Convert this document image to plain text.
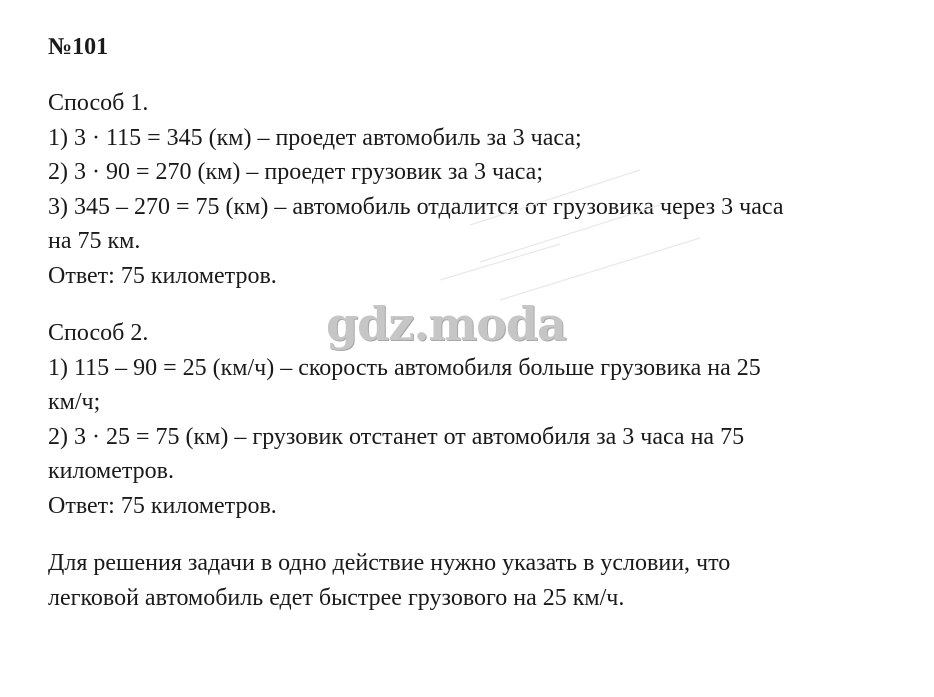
№101

Способ 1.

1) 3 · 115 = 345 (км) – проедет автомобиль за 3 часа;

2) 3 · 90 = 270 (км) – проедет грузовик за 3 часа;

3) 345 – 270 = 75 (км) – автомобиль отдалится от грузовика через 3 часа

на 75 км.

Ответ: 75 километров.

Способ 2.

1) 115 – 90 = 25 (км/ч) – скорость автомобиля больше грузовика на 25

км/ч;

2) 3 · 25 = 75 (км) – грузовик отстанет от автомобиля за 3 часа на 75

километров.

Ответ: 75 километров.

Для решения задачи в одно действие нужно указать в условии, что

легковой автомобиль едет быстрее грузового на 25 км/ч.

gdz.moda
